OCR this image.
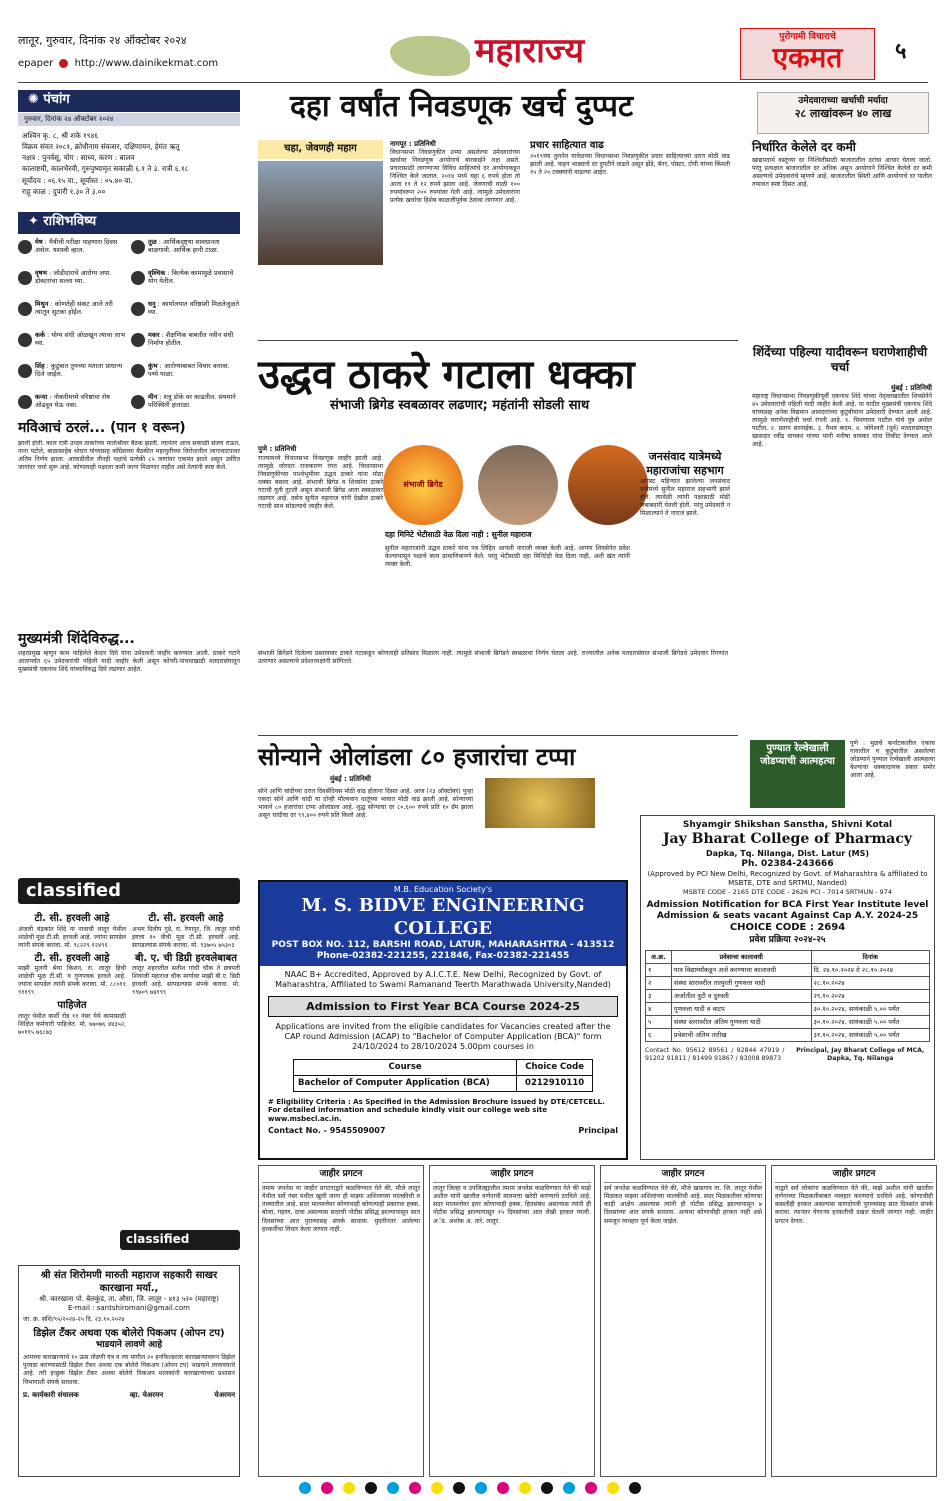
लातूर, गुरुवार, दिनांक २४ ऑक्टोबर २०२४
epaper http://www.dainikekmat.com	महाराज्य	पुरोगामी विचाराचे
एकमत	५
✺ पंचांग
गुरुवार, दिनांक २४ ऑक्टोबर २०२४
अश्विन कृ. ८, श्री शके १९४६
विक्रम संवत २०८१, क्रोधीनाम संवत्सर, दक्षिणायन, हेमंत ऋतू
नक्षत्र : पुनर्वसू, योग : साध्य, करण : बालव
कालाष्टमी, कालभैरवी, गुरुपुष्यामृत सकाळी ६.१ ते ३. रात्री ६.१८
सूर्योदय : ०६.१५ वा., सूर्यास्त : ०५.४० वा.
राहू काळ : दुपारी १.३० ते ३.००
✦ राशिभविष्य
मेष : मैत्रीची परीक्षा पाहणारा दिवस असेल. यशस्वी व्हाल.
वृषभ : जोडीदाराचे आरोग्य जपा. डॉक्टरांचा सल्ला घ्या.
मिथुन : कोणतेही संकट आले तरी त्यातून सुटका होईल.
कर्क : योग्य संधी ओळखून त्याचा लाभ घ्या.
सिंह : कुटुंबात तुमच्या मताला प्राधान्य दिले जाईल.
कन्या : नोकरीमध्ये वरिष्ठांचा रोष ओढवून घेऊ नका.
तुळ : आर्थिकदृष्ट्या सावधानता बाळगावी. आर्थिक हानी टाळा.
वृश्चिक : कित्येक कामामुळे प्रवासाचे योग येतील.
धनु : कार्यालयात वरिष्ठांशी मिळतेजुळते घ्या.
मकर : शैक्षणिक बाबतीत नवीन संधी निर्माण होतील.
कुंभ : आरोग्याबाबत विचार करावा. पथ्ये पाळा.
मीन : शत्रू डोके वर काढतील. संयमाने परिस्थिती हाताळा.
मविआचं ठरलं... (पान १ वरून)
झाली होती. काल रात्री उध्दव ठाकरेंच्या मातोश्रीवर बैठक झाली. त्यानंतर आज सकाळी संजय राऊत, नाना पटोले, बाळासाहेब थोरात यांच्यासह काँग्रेसच्या बैठकीत महायुतीच्या विरोधातील जागावाटपावर अंतिम निर्णय झाला. आघाडीतील तीनही पक्षांचे प्रत्येकी ८५ जागांवर एकमत झाले असून उर्वरित जागांवर चर्चा सुरू आहे. कोणत्याही पक्षाला कमी जागा मिळणार नाहीत असे नेत्यांनी स्पष्ट केले.
मुख्यमंत्री शिंदेविरुद्ध...
शहरप्रमुख म्हणून काम पाहिलेले केदार दिघे यांना उमेदवारी जाहीर करण्यात आली. ठाकरे गटाने आतापर्यंत ६५ उमेदवारांची पहिली यादी जाहीर केली असून कोपरी-पाचपाखाडी मतदारसंघातून मुख्यमंत्री एकनाथ शिंदे यांच्याविरुद्ध दिघे लढणार आहेत.
classified
टी. सी. हरवली आहे
अंजली चंद्रकांत शिंदे या नावाची लातूर येथील शाळेची मूळ टी.सी. हरवली आहे. ज्यांना सापडेल त्यांनी संपर्क करावा. मो. ९८२२९ १२४९१
टी. सी. हरवली आहे
माझी मुलगी श्रेया किशन, रा. लातूर हिची शाळेची मूळ टी.सी. व गुणपत्रक हरवले आहे. ज्यांना सापडेल त्यांनी संपर्क करावा. मो. ८८०११ ९११९९
पाहिजेत
लातूर येथील बार्शी रोड ११ नंबर येथे कामासाठी शिक्षित कर्मचारी पाहिजेत. मो. ७७०७६ ४४३५२, ७०११५ ७६८७३
टी. सी. हरवली आहे
अभय दिलीप गुडे, रा. रेणापूर, जि. लातूर यांची इयत्ता १० वीची मूळ टी.सी. हरवली आहे. सापडल्यास संपर्क करावा. मो. ९३७०५ ७५३०३
बी. ए. ची डिग्री हरवलेबाबत
लातूर शहरातील सतीश गांधी चौक ते छत्रपती शिवाजी महाराज चौक मार्गावर माझी बी.ए. डिग्री हरवली आहे. सापडल्यास संपर्क करावा. मो. ९९७०९ ७४१९९
classified
श्री संत शिरोमणी मारुती महाराज सहकारी साखर कारखाना मर्या.,
श्री. कारखाना पो. बेलकुंड, ता. औसा, जि. लातूर - ४१३ ५२० (महाराष्ट्र)
E-mail : santshiromani@gmail.com
जा. क्र. संशि/९५/२०२४-२५ दि. २३.१०.२०२४
डिझेल टँकर अथवा एक बोलेरो पिकअप (ओपन टप)
भाडयाने लावणे आहे
आमच्या कारखान्याचे १० ऊस तोडणी यंत्र व त्या मागील २० इनफिल्डरला कारखान्यावरून डिझेल पुरवठा करण्यासाठी डिझेल टँकर अथवा एक बोलेरो पिकअप (ओपन टप) भाडयाने लावावयाचे आहे. तरी इच्छुक डिझेल टँकर अथवा बोलेरो पिकअप मालकांनी कारखान्याच्या प्रशासन विभागाशी संपर्क साधावा.
प्र. कार्यकारी संचालक	व्हा. चेअरमन	चेअरमन
दहा वर्षांत निवडणूक खर्च दुप्पट
चहा, जेवणही महाग	नागपूर : प्रतिनिधी
विधानसभा निवडणुकीत उभ्या असलेल्या उमेदवारांच्या खर्चावर निवडणूक आयोगाचे बारकाईने लक्ष असते. प्रचारासाठी लागणाऱ्या विविध साहित्यांचे दर आयोगाकडून निश्चित केले जातात. २०१४ मध्ये चहा ६ रुपये होता तो आता ११ ते १२ रुपये झाला आहे. जेवणाची थाळी १०० रुपयांवरून २०० रुपयांवर गेली आहे. त्यामुळे उमेदवारांना प्रत्येक खर्चाचा हिशेब काळजीपूर्वक ठेवावा लागणार आहे.
प्रचार साहित्यात वाढ
२०१९च्या तुलनेत यावेळच्या विधानसभा निवडणुकीत प्रचार साहित्याच्या दरात मोठी वाढ झाली आहे. वाहन भाड्याचे दर दुपटीने वाढले असून झेंडे, बॅनर, पोस्टर, टोपी यांच्या किंमती १५ ते २० टक्क्यांनी वाढल्या आहेत.
उमेदवाराच्या खर्चाची मर्यादा
२८ लाखांवरून ४० लाख
निर्धारित केलेले दर कमी
खाद्यपदार्थ वस्तूंच्या दर निश्चितीसाठी बाजारातील दरांचा आधार घेतला जातो. परंतु प्रत्यक्षात बाजारातील दर अधिक असून आयोगाने निश्चित केलेले दर कमी असल्याचे उमेदवारांचे म्हणणे आहे. बाजारातील स्थिती आणि आयोगाचे दर यातील तफावत स्पष्ट दिसत आहे.
उद्धव ठाकरे गटाला धक्का
संभाजी ब्रिगेड स्वबळावर लढणार; महंतांनी सोडली साथ
पुणे : प्रतिनिधी
राज्यामध्ये विधानसभा निवडणूक जाहीर झाली आहे. त्यामुळे जोरदार राजकारण रंगत आहे. विधानसभा निवडणुकीच्या पार्श्वभूमीवर उद्धव ठाकरे यांना मोठा धक्का बसला आहे. संभाजी ब्रिगेड व शिवसेना ठाकरे गटाची युती तुटली असून संभाजी ब्रिगेड आता स्वबळावर लढणार आहे. तसेच सुनील महाराज यांनी देखील ठाकरे गटाची साथ सोडल्याचे जाहीर केले.
संभाजी ब्रिगेड
दहा मिनिटे भेटीसाठी वेळ दिला नाही : सुनील महाराज
सुनील महाराजांनी उद्धव ठाकरे यांना पत्र लिहित आपली नाराजी व्यक्त केली आहे. आपण शिवसेनेत प्रवेश केल्यापासून पक्षाचे काम प्रामाणिकपणे केले. परंतु भेटीसाठी दहा मिनिटेही वेळ दिला नाही, अशी खंत त्यांनी व्यक्त केली.
जनसंवाद यात्रेमध्ये महाराजांचा सहभाग
आगस्ट महिन्यात झालेल्या जनसंवाद यात्रेमध्ये सुनील महाराज सहभागी झाले होते. त्यावेळी त्यांनी पक्षासाठी मोठी जबाबदारी घेतली होती. परंतु उमेदवारी न मिळाल्याने ते नाराज झाले.
संभाजी ब्रिगेडने दिलेल्या प्रस्तावावर ठाकरे गटाकडून कोणताही प्रतिसाद मिळाला नाही. त्यामुळे संभाजी ब्रिगेडने स्वबळाचा निर्णय घेतला आहे. राज्यातील अनेक मतदारसंघात संभाजी ब्रिगेडचे उमेदवार रिंगणात उतरणार असल्याचे प्रदेशाध्यक्षांनी सांगितले.
शिंदेंच्या पहिल्या यादीवरून घराणेशाहीची चर्चा
मुंबई : प्रतिनिधी
महाराष्ट्र विधानसभा निवडणुकीपूर्वी एकनाथ शिंदे यांच्या नेतृत्वाखालील शिवसेनेने ४५ उमेदवारांची पहिली यादी जाहीर केली आहे. या यादीत मुख्यमंत्री एकनाथ शिंदे यांच्यासह अनेक विद्यमान आमदारांच्या कुटुंबीयांना उमेदवारी देण्यात आली आहे. त्यामुळे घराणेशाहीची चर्चा रंगली आहे. १. चिमणराव पाटील यांचे पुत्र अमोल पाटील, २. प्रताप सरनाईक, ३. वैभव कदम, ४. जोगेश्वरी (पूर्व) मतदारसंघातून खासदार रवींद्र वायकर यांच्या पत्नी मनीषा वायकर यांना तिकीट देण्यात आले आहे.
सोन्याने ओलांडला ८० हजारांचा टप्पा
मुंबई : प्रतिनिधी
सोने आणि चांदीच्या दरात दिवसेंदिवस मोठी वाढ होताना दिसत आहे. आज (२३ ऑक्टोबर) पुन्हा एकदा सोने आणि चांदी या दोन्ही मौल्यवान धातूंच्या भावात मोठी वाढ झाली आहे. सोन्याच्या भावाने ८० हजारांचा टप्पा ओलांडला आहे. शुद्ध सोन्याचा दर ८०,६०० रुपये प्रति १० ग्रॅम झाला असून चांदीचा दर ९९,४०० रुपये प्रति किलो आहे.
पुण्यात रेल्वेखाली जोडप्याची आत्महत्या
पुणे : मुळचे कर्नाटकातील एकाच गावातील व कुटुंबातील असलेल्या जोडप्याने पुण्यात रेल्वेखाली आत्महत्या केल्याचा धक्कादायक प्रकार समोर आला आहे.
M.B. Education Society's
M. S. BIDVE ENGINEERING COLLEGE
POST BOX NO. 112, BARSHI ROAD, LATUR, MAHARASHTRA - 413512
Phone-02382-221255, 221846, Fax-02382-221455
NAAC B+ Accredited, Approved by A.I.C.T.E. New Delhi, Recognized by Govt. of Maharashtra, Affiliated to Swami Ramanand Teerth Marathwada University,Nanded)
Admission to First Year BCA Course 2024-25
Applications are invited from the eligible candidates for Vacancies created after the CAP round Admission (ACAP) to "Bachelor of Computer Application (BCA)" form 24/10/2024 to 28/10/2024 5.00pm courses in
Course	Choice Code
Bachelor of Computer Application (BCA)	0212910110
# Eligibility Criteria : As Specified in the Admission Brochure issued by DTE/CETCELL. For detailed information and schedule kindly visit our college web site www.msbecl.ac.in.
Contact No. - 9545509007	Principal
Shyamgir Shikshan Sanstha, Shivni Kotal
Jay Bharat College of Pharmacy
Dapka, Tq. Nilanga, Dist. Latur (MS)
Ph. 02384-243666
(Approved by PCI New Delhi, Recognized by Govt. of Maharashtra & affiliated to MSBTE, DTE and SRTMU, Nanded)
MSBTE CODE - 2165 DTE CODE - 2626 PCI - 7014 SRTMUN - 974
Admission Notification for BCA First Year Institute level Admission & seats vacant Against Cap A.Y. 2024-25
CHOICE CODE : 2694
प्रवेश प्रक्रिया २०२४-२५
अ.क्र.	प्रवेशाचा कालावधी	दिनांक
१	पात्र विद्यार्थ्यांकडून अर्ज करण्याचा कालावधी	दि. २४.१०.२०२४ ते २८.१०.२०२४
२	संस्था स्तरावरील तात्पुरती गुणवत्ता यादी	२८.१०.२०२४
३	अर्जातील त्रुटी व दुरुस्ती	२९.१०.२०२४
४	गुणवत्ता यादी व वाटप	३०.१०.२०२४, सायंकाळी ५.०० पर्यंत
५	संस्था स्तरावरील अंतिम गुणवत्ता यादी	३०.१०.२०२४, सायंकाळी ५.०० पर्यंत
६	प्रवेशाची अंतिम तारीख	३१.१०.२०२४, सायंकाळी ५.०० पर्यंत
Contact No. 95612 89561 / 92844 47919 / 91202 91811 / 81499 91867 / 83008 89873
Principal, Jay Bharat College of MCA, Dapka, Tq. Nilanga
जाहीर प्रगटन
तमाम जनतेस या जाहीर प्रगटनाद्वारे कळविण्यात येते की, मौजे लातूर येथील सर्वे नंबर मधील खुली जागा ही माझ्या अशिलाच्या मालकीची व ताब्यातील आहे. सदर मालमत्तेवर कोणाचाही कोणत्याही प्रकारचा हक्क, बोजा, गहाण, दावा असल्यास सदरची नोटीस प्रसिद्ध झाल्यापासून सात दिवसांच्या आत पुराव्यासह संपर्क साधावा. मुदतीनंतर आलेल्या हरकतींचा विचार केला जाणार नाही.
जाहीर प्रगटन
लातूर जिल्हा व उपजिल्ह्यातील तमाम जनतेस कळविण्यात येते की माझे अशील यांनी खालील वर्णनाची मालमत्ता खरेदी करण्याचे ठरविले आहे. सदर मालमत्तेवर इतर कोणाचाही हक्क, हितसंबंध असल्यास त्यांनी ही नोटीस प्रसिद्ध झाल्यापासून १५ दिवसांच्या आत लेखी हरकत घ्यावी. अॅड. अशोक अ. तारे, लातूर.
जाहीर प्रगटन
सर्व जनतेस कळविण्यात येते की, मौजे खाडगाव ता. जि. लातूर येथील मिळकत माझ्या अशिलांच्या मालकीची आहे. सदर मिळकतीवर कोणाचा काही आक्षेप असल्यास त्यांनी ही नोटीस प्रसिद्ध झाल्यापासून ७ दिवसांच्या आत संपर्क साधावा. अन्यथा कोणाचीही हरकत नाही असे समजून व्यवहार पूर्ण केला जाईल.
जाहीर प्रगटन
याद्वारे सर्व लोकांना कळविण्यात येते की, माझे अशील यांनी खालील वर्णनाच्या मिळकतीबाबत व्यवहार करण्याचे ठरविले आहे. कोणाचीही कसलीही हरकत असल्यास कागदोपत्री पुराव्यासह सात दिवसांत संपर्क करावा. त्यानंतर येणाऱ्या हरकतीची दखल घेतली जाणार नाही. जाहीर प्रगटन देणार.
